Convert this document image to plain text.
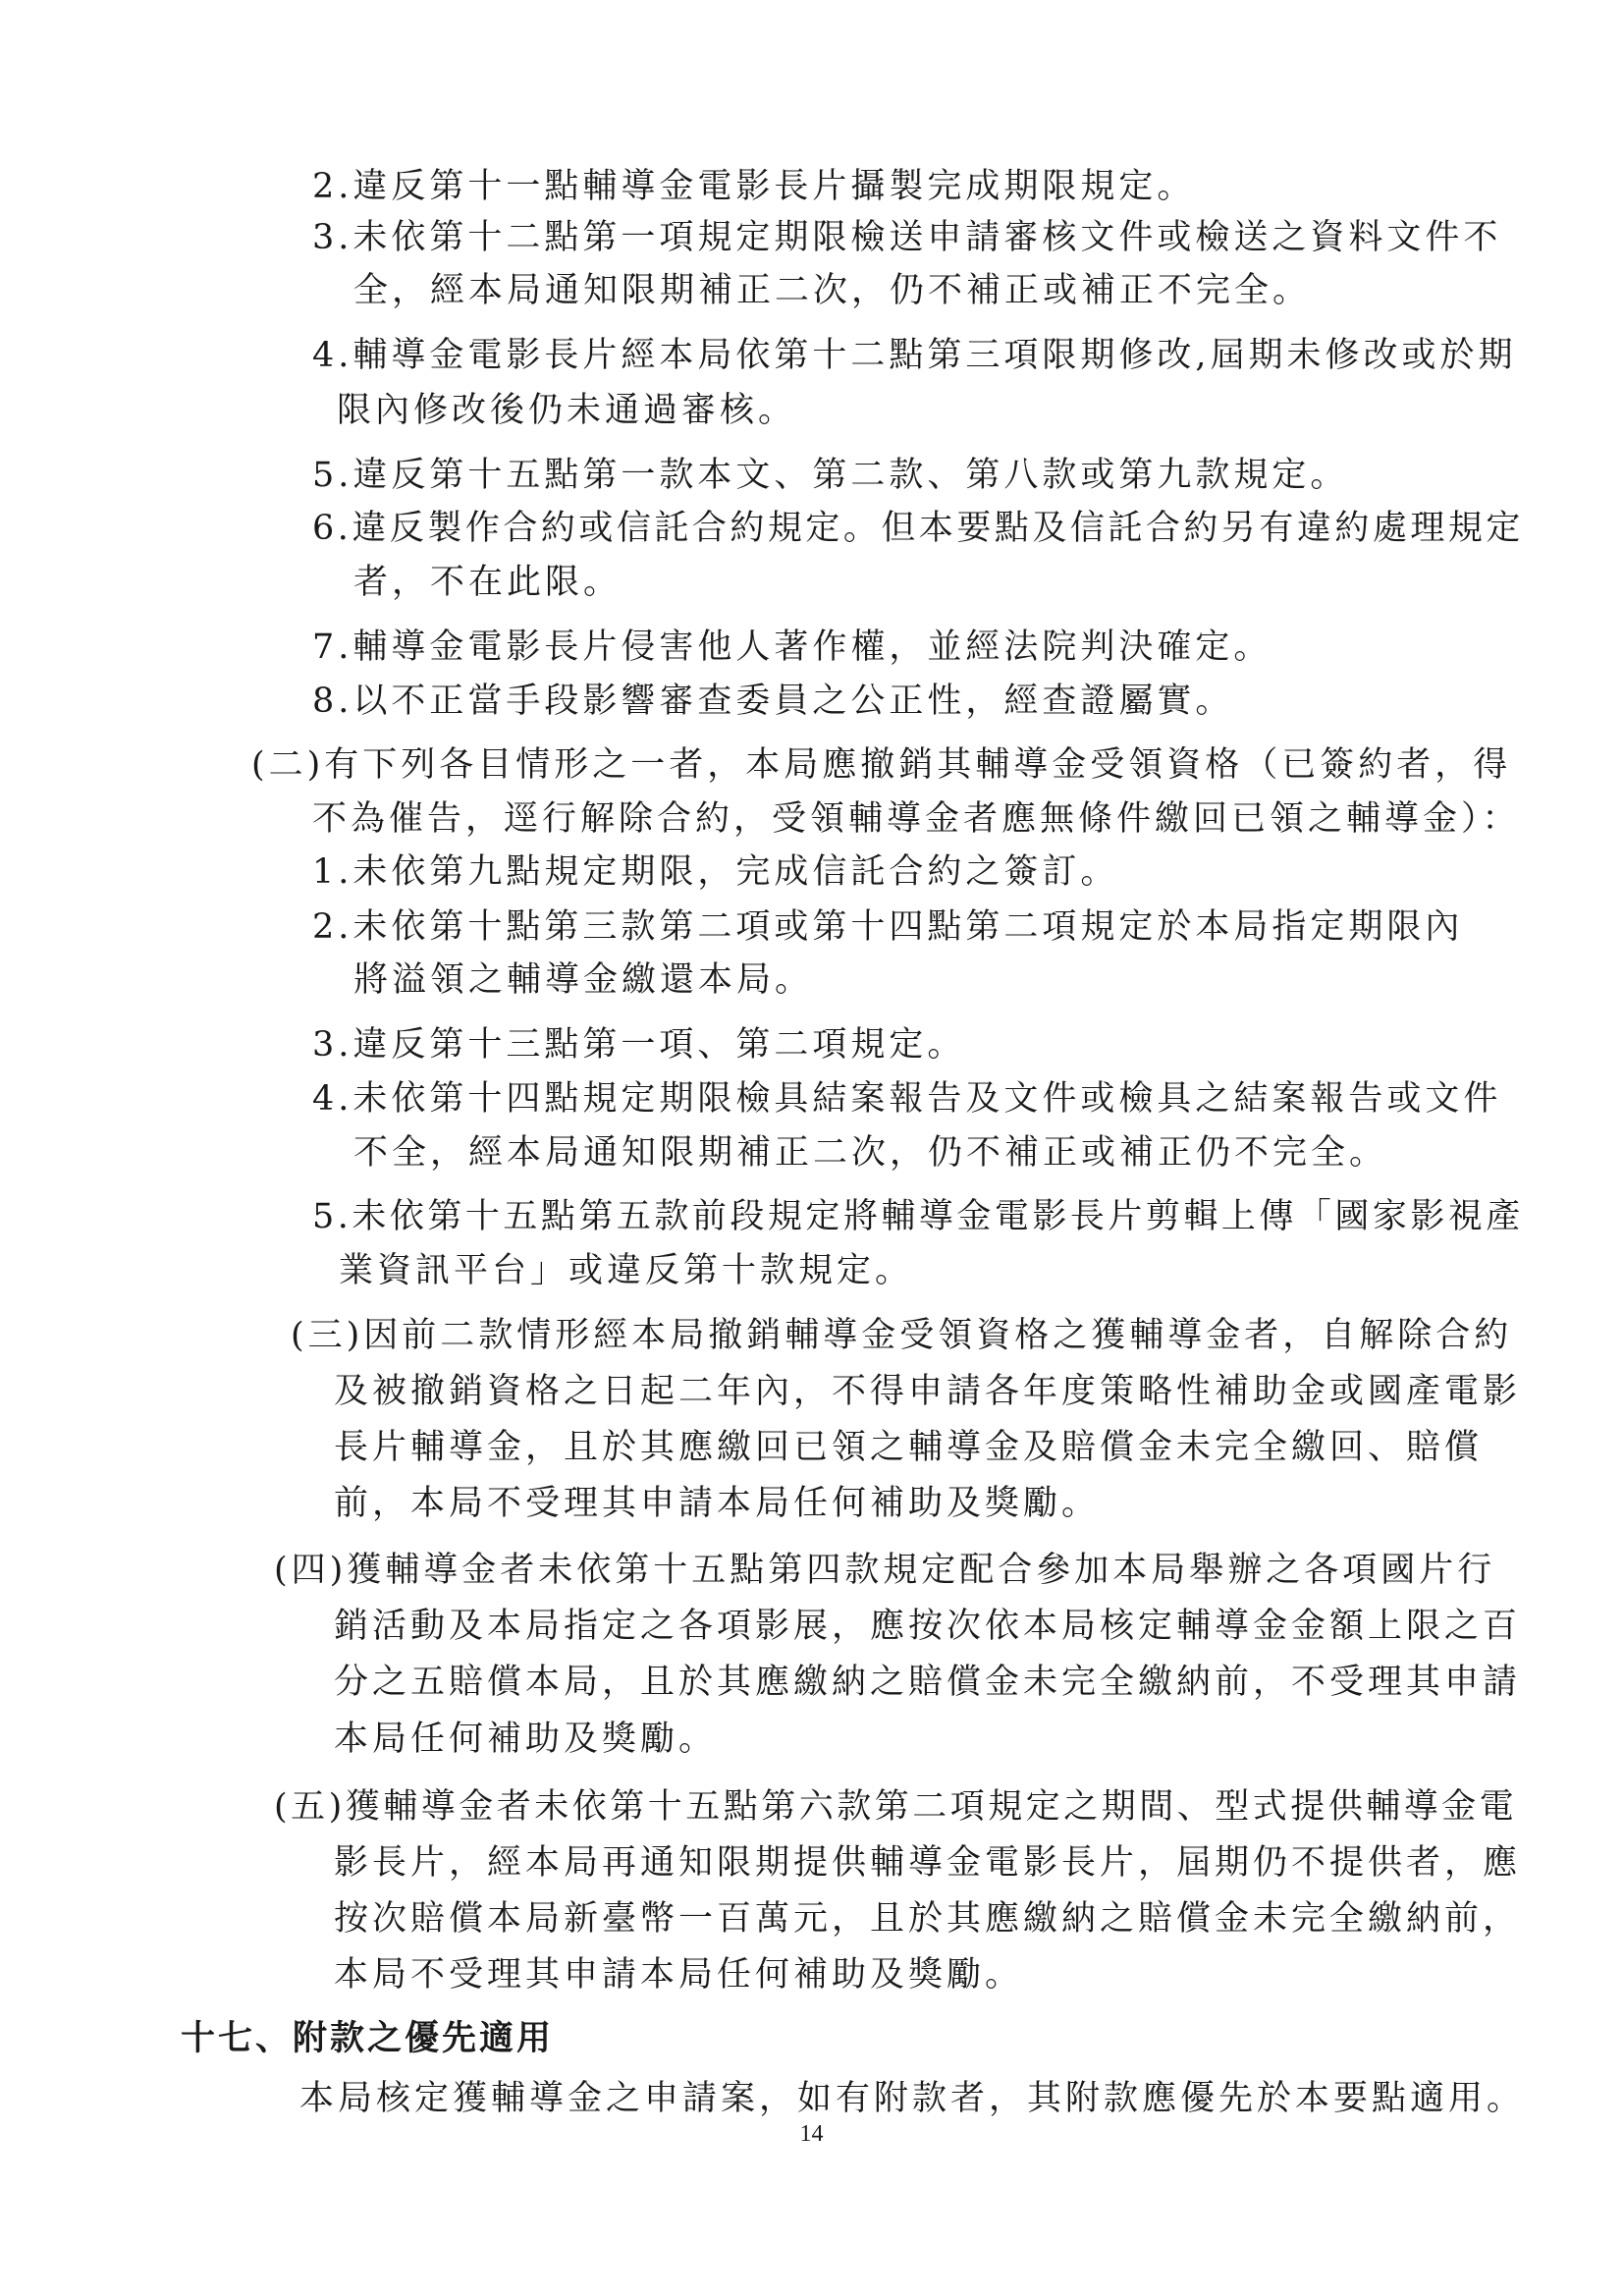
2.違反第十一點輔導金電影長片攝製完成期限規定。
3.未依第十二點第一項規定期限檢送申請審核文件或檢送之資料文件不
全，經本局通知限期補正二次，仍不補正或補正不完全。
4.輔導金電影長片經本局依第十二點第三項限期修改,屆期未修改或於期
限內修改後仍未通過審核。
5.違反第十五點第一款本文、第二款、第八款或第九款規定。
6.違反製作合約或信託合約規定。但本要點及信託合約另有違約處理規定
者，不在此限。
7.輔導金電影長片侵害他人著作權，並經法院判決確定。
8.以不正當手段影響審查委員之公正性，經查證屬實。
(二)有下列各目情形之一者，本局應撤銷其輔導金受領資格（已簽約者，得
不為催告，逕行解除合約，受領輔導金者應無條件繳回已領之輔導金）：
1.未依第九點規定期限，完成信託合約之簽訂。
2.未依第十點第三款第二項或第十四點第二項規定於本局指定期限內
將溢領之輔導金繳還本局。
3.違反第十三點第一項、第二項規定。
4.未依第十四點規定期限檢具結案報告及文件或檢具之結案報告或文件
不全，經本局通知限期補正二次，仍不補正或補正仍不完全。
5.未依第十五點第五款前段規定將輔導金電影長片剪輯上傳「國家影視產
業資訊平台」或違反第十款規定。
(三)因前二款情形經本局撤銷輔導金受領資格之獲輔導金者，自解除合約
及被撤銷資格之日起二年內，不得申請各年度策略性補助金或國產電影
長片輔導金，且於其應繳回已領之輔導金及賠償金未完全繳回、賠償
前，本局不受理其申請本局任何補助及獎勵。
(四)獲輔導金者未依第十五點第四款規定配合參加本局舉辦之各項國片行
銷活動及本局指定之各項影展，應按次依本局核定輔導金金額上限之百
分之五賠償本局，且於其應繳納之賠償金未完全繳納前，不受理其申請
本局任何補助及獎勵。
(五)獲輔導金者未依第十五點第六款第二項規定之期間、型式提供輔導金電
影長片，經本局再通知限期提供輔導金電影長片，屆期仍不提供者，應
按次賠償本局新臺幣一百萬元，且於其應繳納之賠償金未完全繳納前，
本局不受理其申請本局任何補助及獎勵。
十七、附款之優先適用
本局核定獲輔導金之申請案，如有附款者，其附款應優先於本要點適用。
14
